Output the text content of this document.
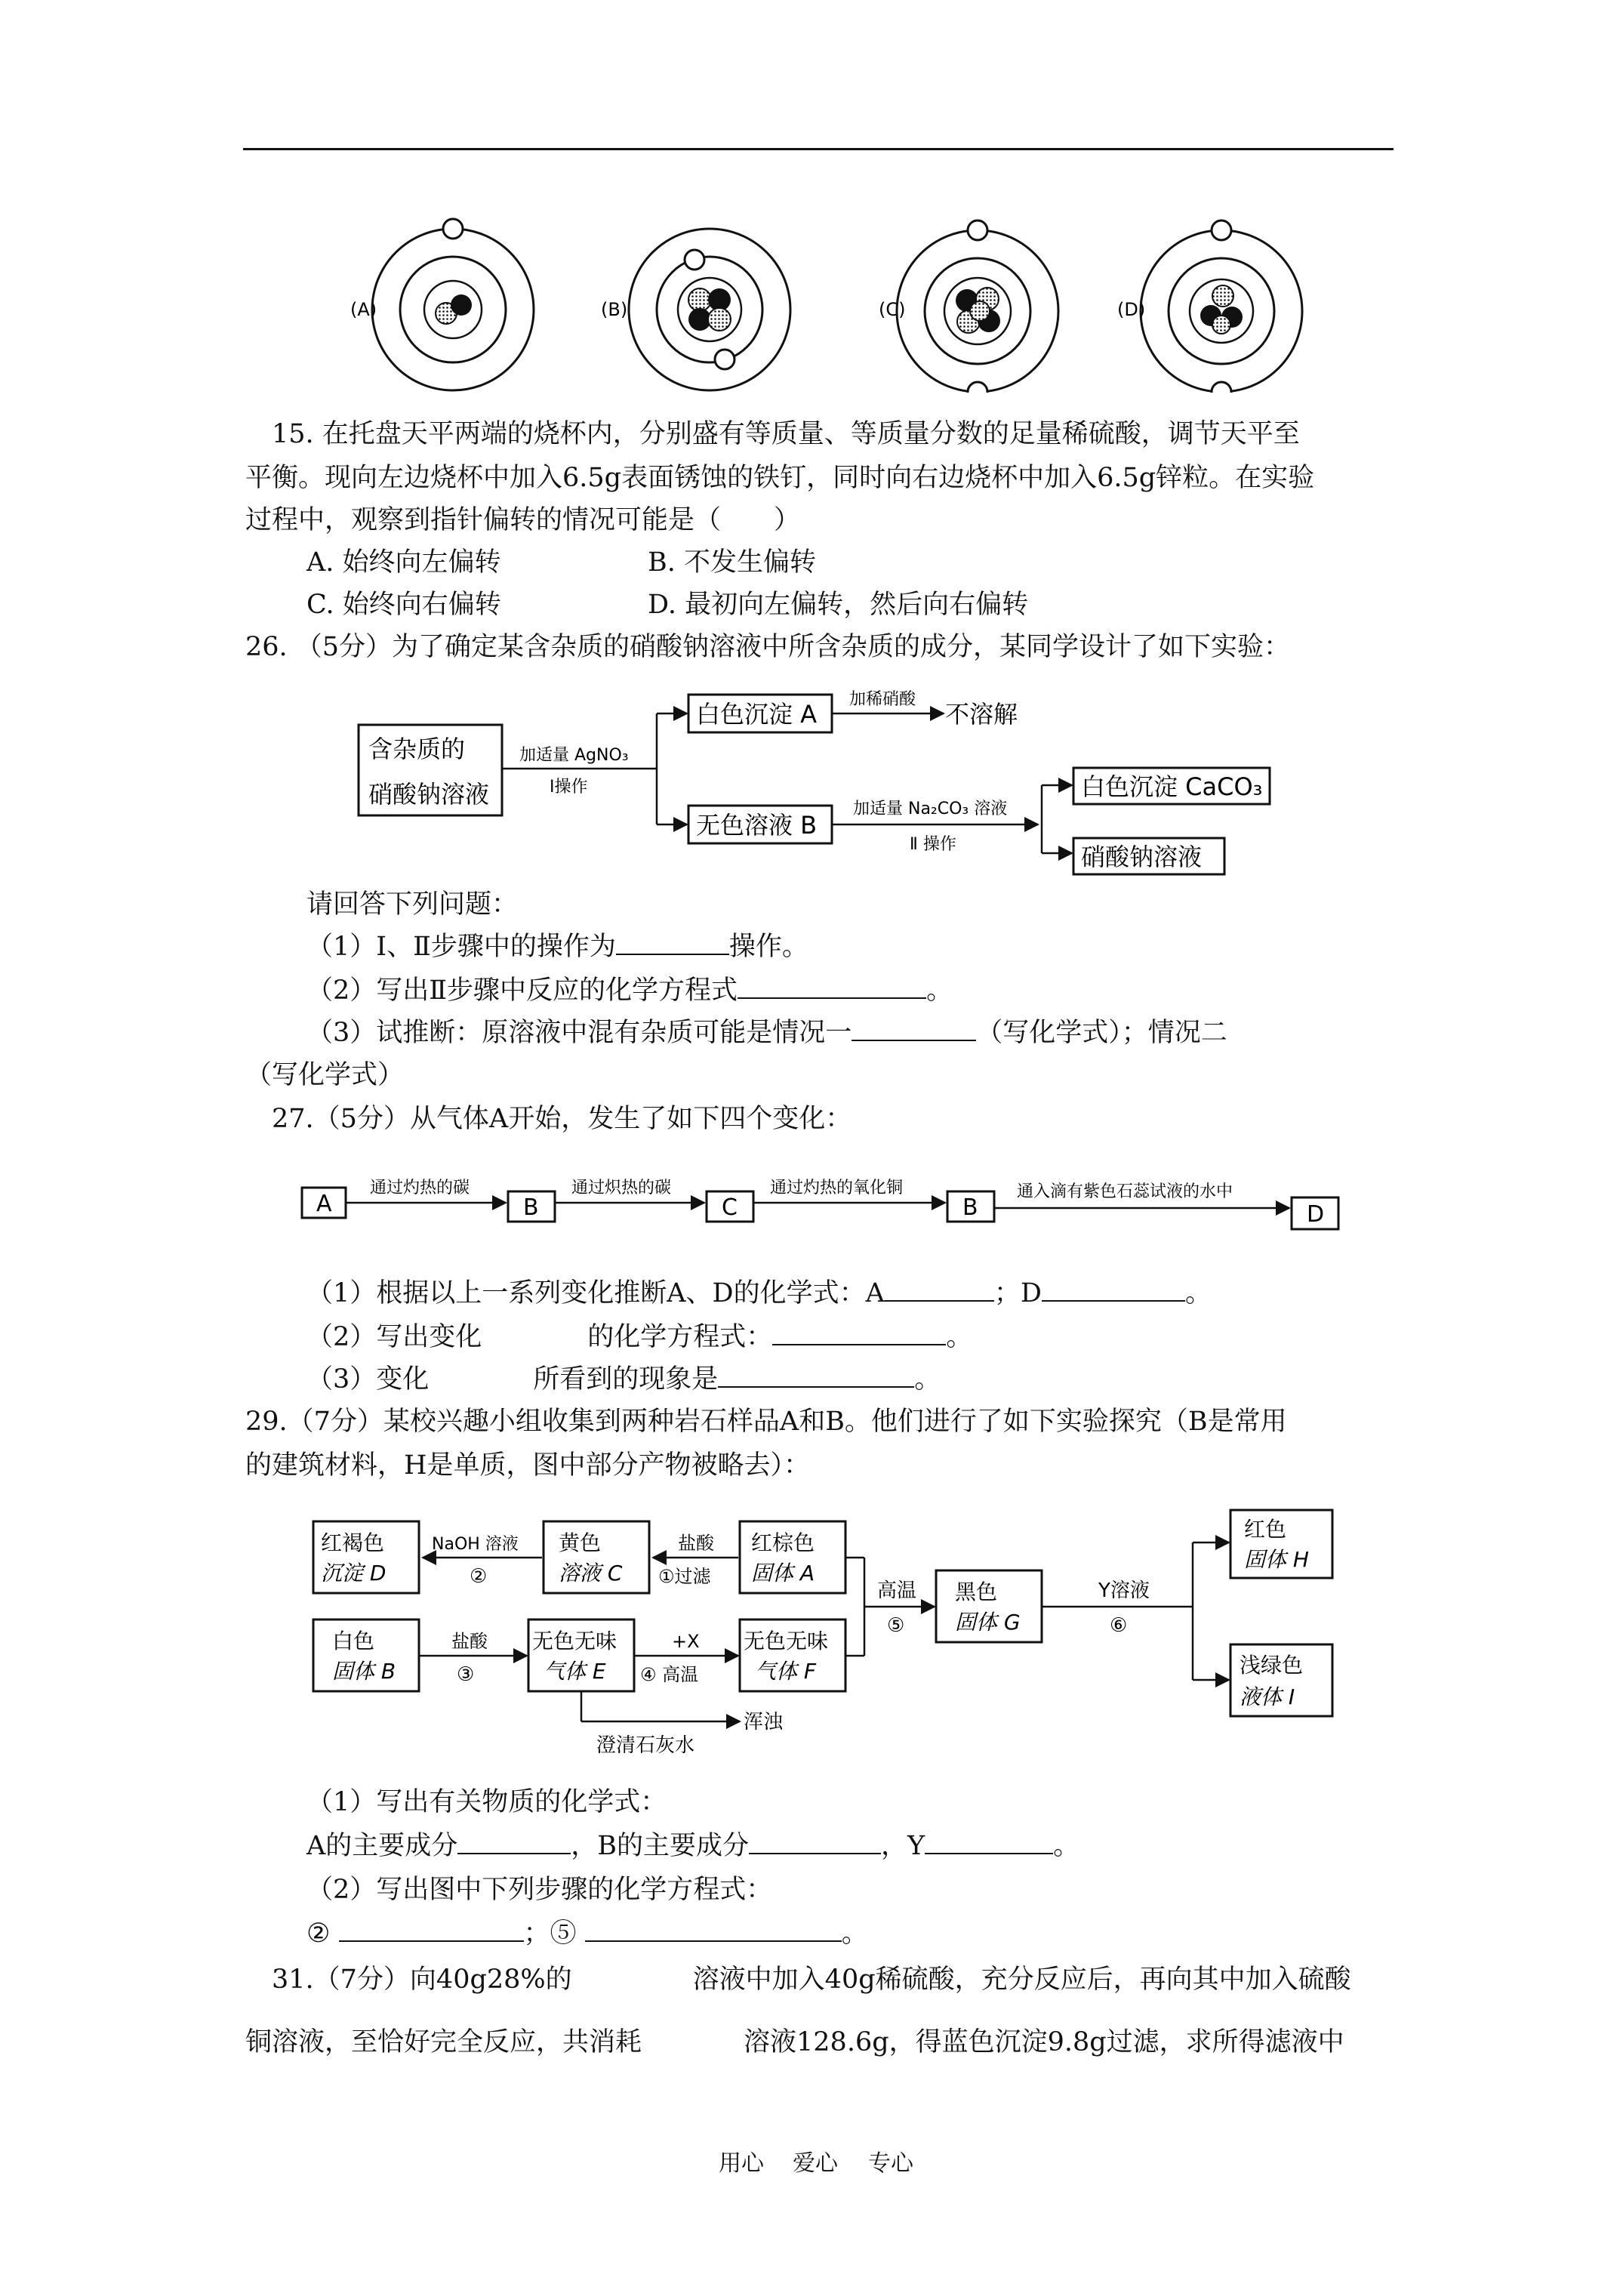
(A)	(B)	(C)	(D)
15. 在托盘天平两端的烧杯内，分别盛有等质量、等质量分数的足量稀硫酸，调节天平至
平衡。现向左边烧杯中加入6.5g表面锈蚀的铁钉，同时向右边烧杯中加入6.5g锌粒。在实验
过程中，观察到指针偏转的情况可能是（　　）
A. 始终向左偏转	B. 不发生偏转
C. 始终向右偏转	D. 最初向左偏转，然后向右偏转
26. （5分）为了确定某含杂质的硝酸钠溶液中所含杂质的成分，某同学设计了如下实验：
含杂质的
硝酸钠溶液
加适量 AgNO₃
Ⅰ操作
白色沉淀 A
加稀硝酸
不溶解
无色溶液 B
加适量 Na₂CO₃ 溶液
Ⅱ 操作
白色沉淀 CaCO₃
硝酸钠溶液
请回答下列问题：
（1）Ⅰ、Ⅱ步骤中的操作为	操作。
（2）写出Ⅱ步骤中反应的化学方程式	。
（3）试推断：原溶液中混有杂质可能是情况一	（写化学式）；情况二
（写化学式）
27.（5分）从气体A开始，发生了如下四个变化：
A
通过灼热的碳
B
通过炽热的碳
C
通过灼热的氧化铜
B
通入滴有紫色石蕊试液的水中
D
（1）根据以上一系列变化推断A、D的化学式：A	；D	。
（2）写出变化	的化学方程式：	。
（3）变化	所看到的现象是	。
29.（7分）某校兴趣小组收集到两种岩石样品A和B。他们进行了如下实验探究（B是常用
的建筑材料，H是单质，图中部分产物被略去）：
红褐色
沉淀 D
NaOH 溶液
②
黄色
溶液 C
盐酸
①过滤
红棕色
固体 A
白色
固体 B
盐酸
③
无色无味
气体 E
+X
④ 高温
无色无味
气体 F
高温
⑤
黑色
固体 G
Y溶液
⑥
红色
固体 H
浅绿色
液体 I
澄清石灰水
浑浊
（1）写出有关物质的化学式：
A的主要成分	，B的主要成分	，Y	。
（2）写出图中下列步骤的化学方程式：
②	；⑤	。
31.（7分）向40g28%的	溶液中加入40g稀硫酸，充分反应后，再向其中加入硫酸
铜溶液，至恰好完全反应，共消耗	溶液128.6g，得蓝色沉淀9.8g过滤，求所得滤液中
用心 爱心 专心
